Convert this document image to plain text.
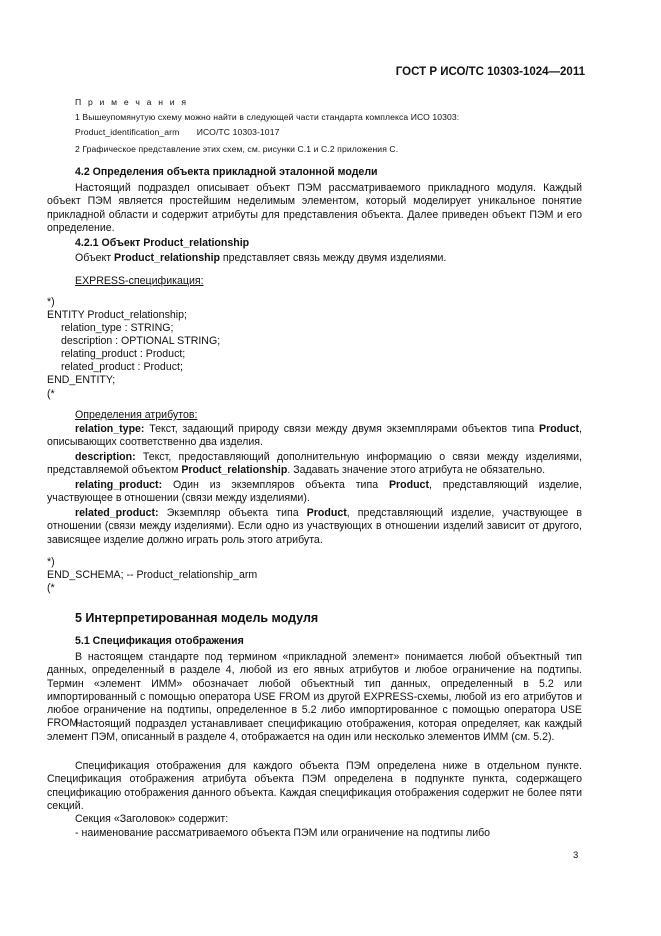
ГОСТ Р ИСО/ТС 10303-1024—2011
П р и м е ч а н и я
1 Вышеупомянутую схему можно найти в следующей части стандарта комплекса ИСО 10303:
Product_identification_arm       ИСО/ТС 10303-1017
2 Графическое представление этих схем, см. рисунки С.1 и С.2 приложения С.
4.2 Определения объекта прикладной эталонной модели
Настоящий подраздел описывает объект ПЭМ рассматриваемого прикладного модуля. Каждый объект ПЭМ является простейшим неделимым элементом, который моделирует уникальное понятие прикладной области и содержит атрибуты для представления объекта. Далее приведен объект ПЭМ и его определение.
4.2.1 Объект Product_relationship
Объект Product_relationship представляет связь между двумя изделиями.
EXPRESS-спецификация:
*)
ENTITY Product_relationship;
relation_type : STRING;
description : OPTIONAL STRING;
relating_product : Product;
related_product : Product;
END_ENTITY;
(*
Определения атрибутов:
relation_type: Текст, задающий природу связи между двумя экземплярами объектов типа Product, описывающих соответственно два изделия.
description: Текст, предоставляющий дополнительную информацию о связи между изделиями, представляемой объектом Product_relationship. Задавать значение этого атрибута не обязательно.
relating_product: Один из экземпляров объекта типа Product, представляющий изделие, участвующее в отношении (связи между изделиями).
related_product: Экземпляр объекта типа Product, представляющий изделие, участвующее в отношении (связи между изделиями). Если одно из участвующих в отношении изделий зависит от другого, зависящее изделие должно играть роль этого атрибута.
*)
END_SCHEMA; -- Product_relationship_arm
(*
5 Интерпретированная модель модуля
5.1 Спецификация отображения
В настоящем стандарте под термином «прикладной элемент» понимается любой объектный тип данных, определенный в разделе 4, любой из его явных атрибутов и любое ограничение на подтипы. Термин «элемент ИММ» обозначает любой объектный тип данных, определенный в 5.2 или импортированный с помощью оператора USE FROM из другой EXPRESS-схемы, любой из его атрибутов и любое ограничение на подтипы, определенное в 5.2 либо импортированное с помощью оператора USE FROM.
Настоящий подраздел устанавливает спецификацию отображения, которая определяет, как каждый элемент ПЭМ, описанный в разделе 4, отображается на один или несколько элементов ИММ (см. 5.2).
Спецификация отображения для каждого объекта ПЭМ определена ниже в отдельном пункте. Спецификация отображения атрибута объекта ПЭМ определена в подпункте пункта, содержащего спецификацию отображения данного объекта. Каждая спецификация отображения содержит не более пяти секций.
Секция «Заголовок» содержит:
- наименование рассматриваемого объекта ПЭМ или ограничение на подтипы либо
3
